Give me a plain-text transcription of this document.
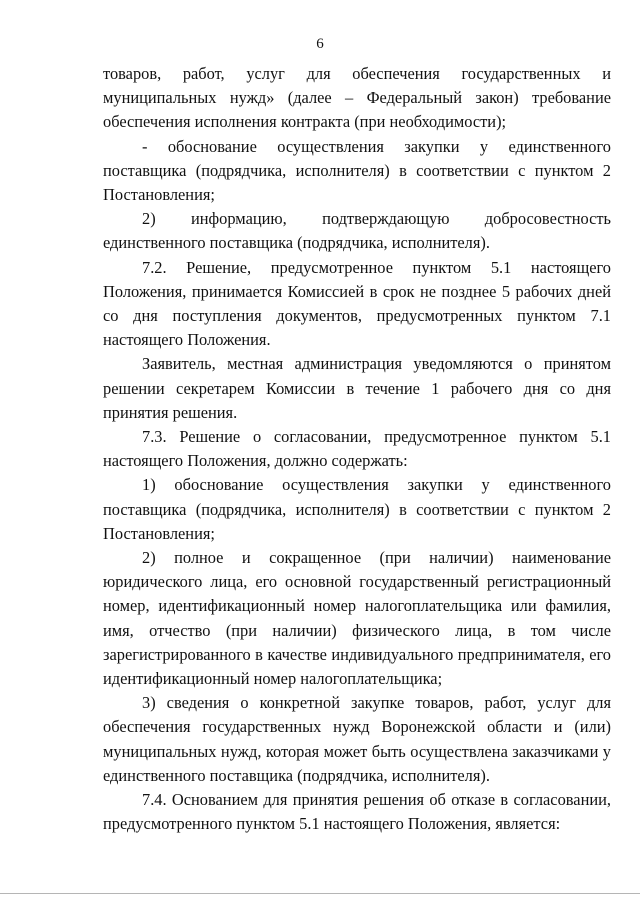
6

товаров, работ, услуг для обеспечения государственных и муниципальных нужд» (далее – Федеральный закон) требование обеспечения исполнения контракта (при необходимости);

- обоснование осуществления закупки у единственного поставщика (подрядчика, исполнителя) в соответствии с пунктом 2 Постановления;

2) информацию, подтверждающую добросовестность единственного поставщика (подрядчика, исполнителя).

7.2. Решение, предусмотренное пунктом 5.1 настоящего Положения, принимается Комиссией в срок не позднее 5 рабочих дней со дня поступления документов, предусмотренных пунктом 7.1 настоящего Положения.

Заявитель, местная администрация уведомляются о принятом решении секретарем Комиссии в течение 1 рабочего дня со дня принятия решения.

7.3. Решение о согласовании, предусмотренное пунктом 5.1 настоящего Положения, должно содержать:

1) обоснование осуществления закупки у единственного поставщика (подрядчика, исполнителя) в соответствии с пунктом 2 Постановления;

2) полное и сокращенное (при наличии) наименование юридического лица, его основной государственный регистрационный номер, идентификационный номер налогоплательщика или фамилия, имя, отчество (при наличии) физического лица, в том числе зарегистрированного в качестве индивидуального предпринимателя, его идентификационный номер налогоплательщика;

3) сведения о конкретной закупке товаров, работ, услуг для обеспечения государственных нужд Воронежской области и (или) муниципальных нужд, которая может быть осуществлена заказчиками у единственного поставщика (подрядчика, исполнителя).

7.4. Основанием для принятия решения об отказе в согласовании, предусмотренного пунктом 5.1 настоящего Положения, является:
